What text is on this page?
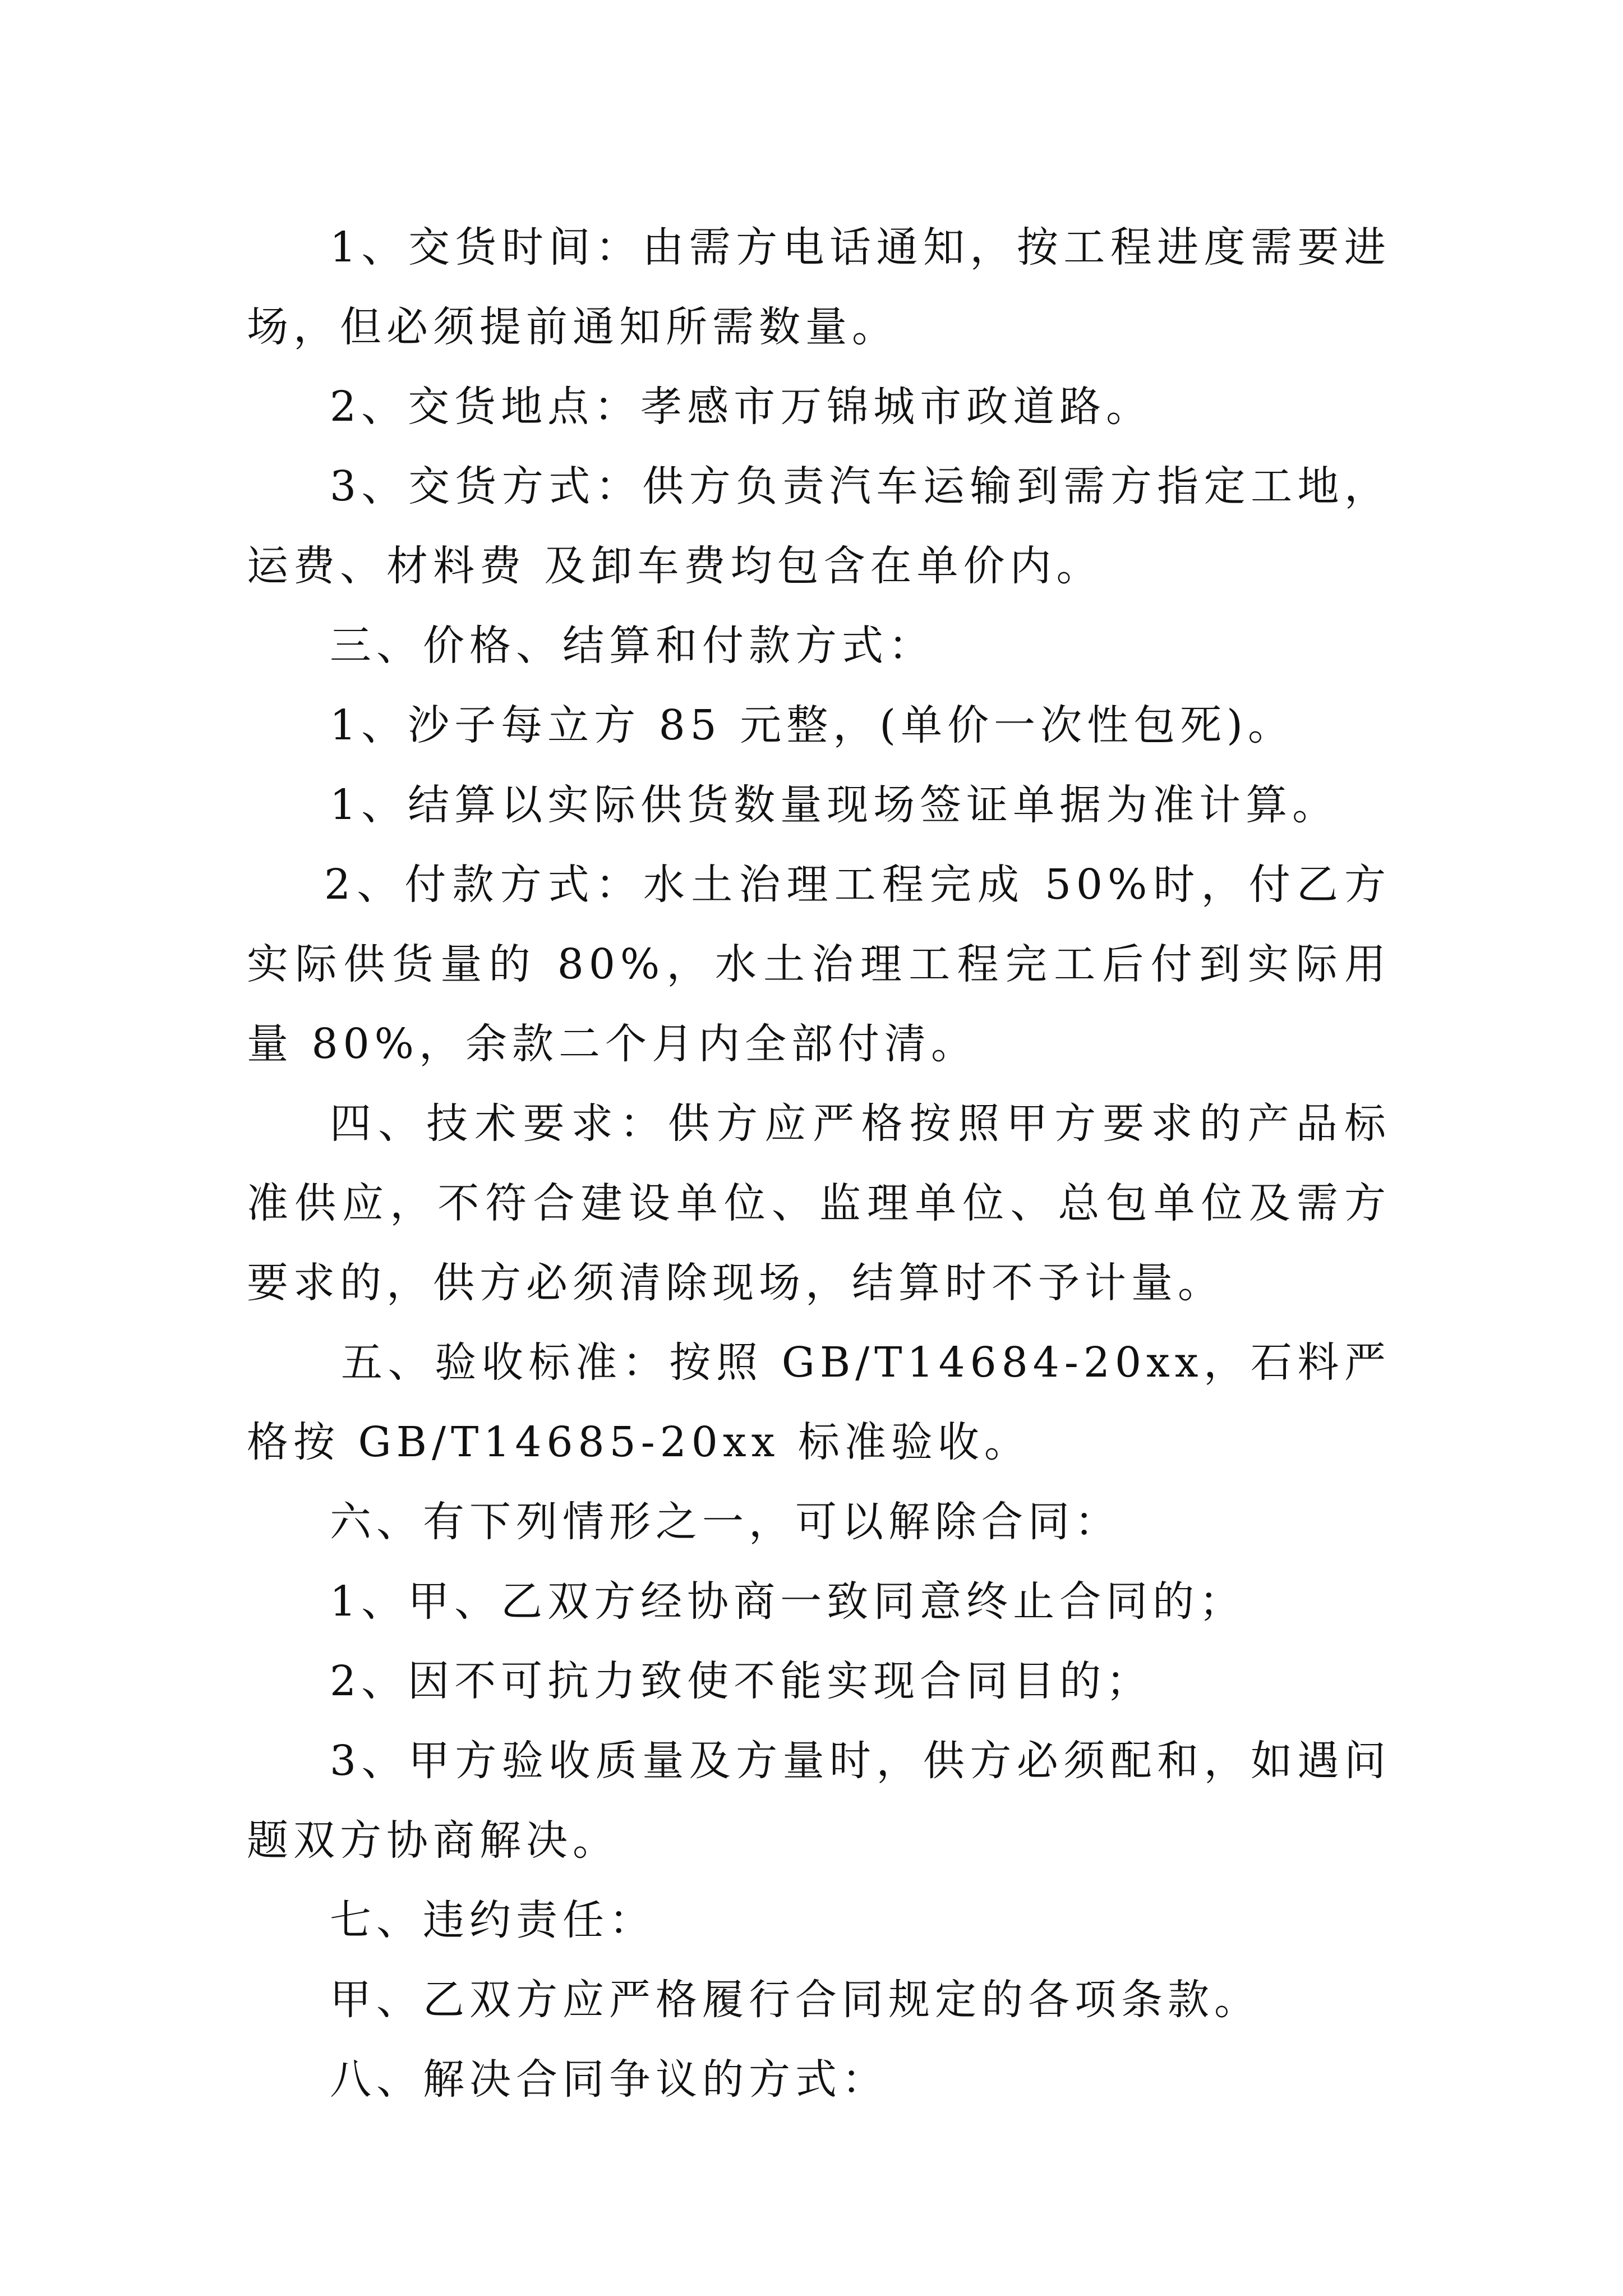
1、交货时间：由需方电话通知，按工程进度需要进场，但必须提前通知所需数量。

2、交货地点：孝感市万锦城市政道路。

3、交货方式：供方负责汽车运输到需方指定工地，运费、材料费 及卸车费均包含在单价内。

三、价格、结算和付款方式：

1、沙子每立方 85 元整，(单价一次性包死)。

1、结算以实际供货数量现场签证单据为准计算。

2、付款方式：水土治理工程完成 50%时，付乙方实际供货量的 80%，水土治理工程完工后付到实际用量 80%，余款二个月内全部付清。

四、技术要求：供方应严格按照甲方要求的产品标准供应，不符合建设单位、监理单位、总包单位及需方要求的，供方必须清除现场，结算时不予计量。

五、验收标准：按照 GB/T14684-20xx，石料严格按 GB/T14685-20xx 标准验收。

六、有下列情形之一，可以解除合同：

1、甲、乙双方经协商一致同意终止合同的；

2、因不可抗力致使不能实现合同目的；

3、甲方验收质量及方量时，供方必须配和，如遇问题双方协商解决。

七、违约责任：

甲、乙双方应严格履行合同规定的各项条款。

八、解决合同争议的方式：
